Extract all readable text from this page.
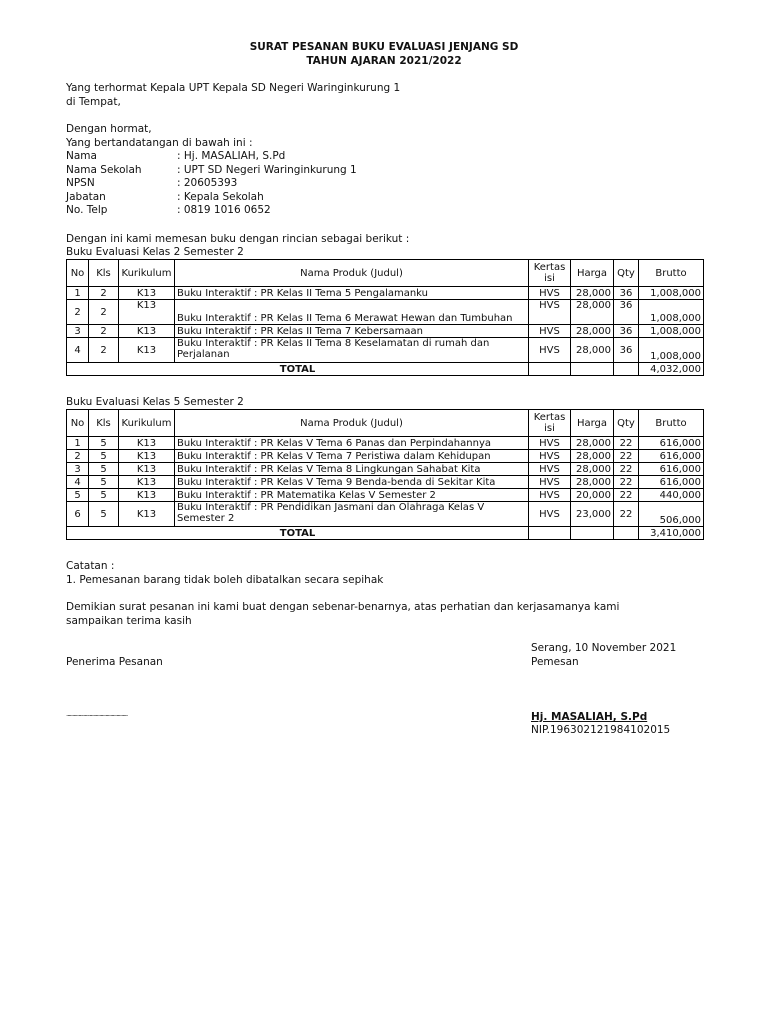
SURAT PESANAN BUKU EVALUASI JENJANG SD
TAHUN AJARAN 2021/2022
Yang terhormat Kepala UPT Kepala SD Negeri Waringinkurung 1
di Tempat,
Dengan hormat,
Yang bertandatangan di bawah ini :
Nama	: Hj. MASALIAH, S.Pd
Nama Sekolah	: UPT SD Negeri Waringinkurung 1
NPSN	: 20605393
Jabatan	: Kepala Sekolah
No. Telp	: 0819 1016 0652
Dengan ini kami memesan buku dengan rincian sebagai berikut :
Buku Evaluasi Kelas 2 Semester 2
No	Kls	Kurikulum	Nama Produk (Judul)	Kertas isi	Harga	Qty	Brutto
1	2	K13	Buku Interaktif : PR Kelas II Tema 5 Pengalamanku	HVS	28,000	36	1,008,000
2	2	K13	Buku Interaktif : PR Kelas II Tema 6 Merawat Hewan dan Tumbuhan	HVS	28,000	36	1,008,000
3	2	K13	Buku Interaktif : PR Kelas II Tema 7 Kebersamaan	HVS	28,000	36	1,008,000
4	2	K13	Buku Interaktif : PR Kelas II Tema 8 Keselamatan di rumah dan Perjalanan	HVS	28,000	36	1,008,000
TOTAL							4,032,000
Buku Evaluasi Kelas 5 Semester 2
No	Kls	Kurikulum	Nama Produk (Judul)	Kertas isi	Harga	Qty	Brutto
1	5	K13	Buku Interaktif : PR Kelas V Tema 6 Panas dan Perpindahannya	HVS	28,000	22	616,000
2	5	K13	Buku Interaktif : PR Kelas V Tema 7 Peristiwa dalam Kehidupan	HVS	28,000	22	616,000
3	5	K13	Buku Interaktif : PR Kelas V Tema 8 Lingkungan Sahabat Kita	HVS	28,000	22	616,000
4	5	K13	Buku Interaktif : PR Kelas V Tema 9 Benda-benda di Sekitar Kita	HVS	28,000	22	616,000
5	5	K13	Buku Interaktif : PR Matematika Kelas V Semester 2	HVS	20,000	22	440,000
6	5	K13	Buku Interaktif : PR Pendidikan Jasmani dan Olahraga Kelas V Semester 2	HVS	23,000	22	506,000
TOTAL							3,410,000
Catatan :
1. Pemesanan barang tidak boleh dibatalkan secara sepihak
Demikian surat pesanan ini kami buat dengan sebenar-benarnya, atas perhatian dan kerjasamanya kami
sampaikan terima kasih
Serang, 10 November 2021
Penerima Pesanan	Pemesan
..................................................	Hj. MASALIAH, S.Pd
NIP.196302121984102015
